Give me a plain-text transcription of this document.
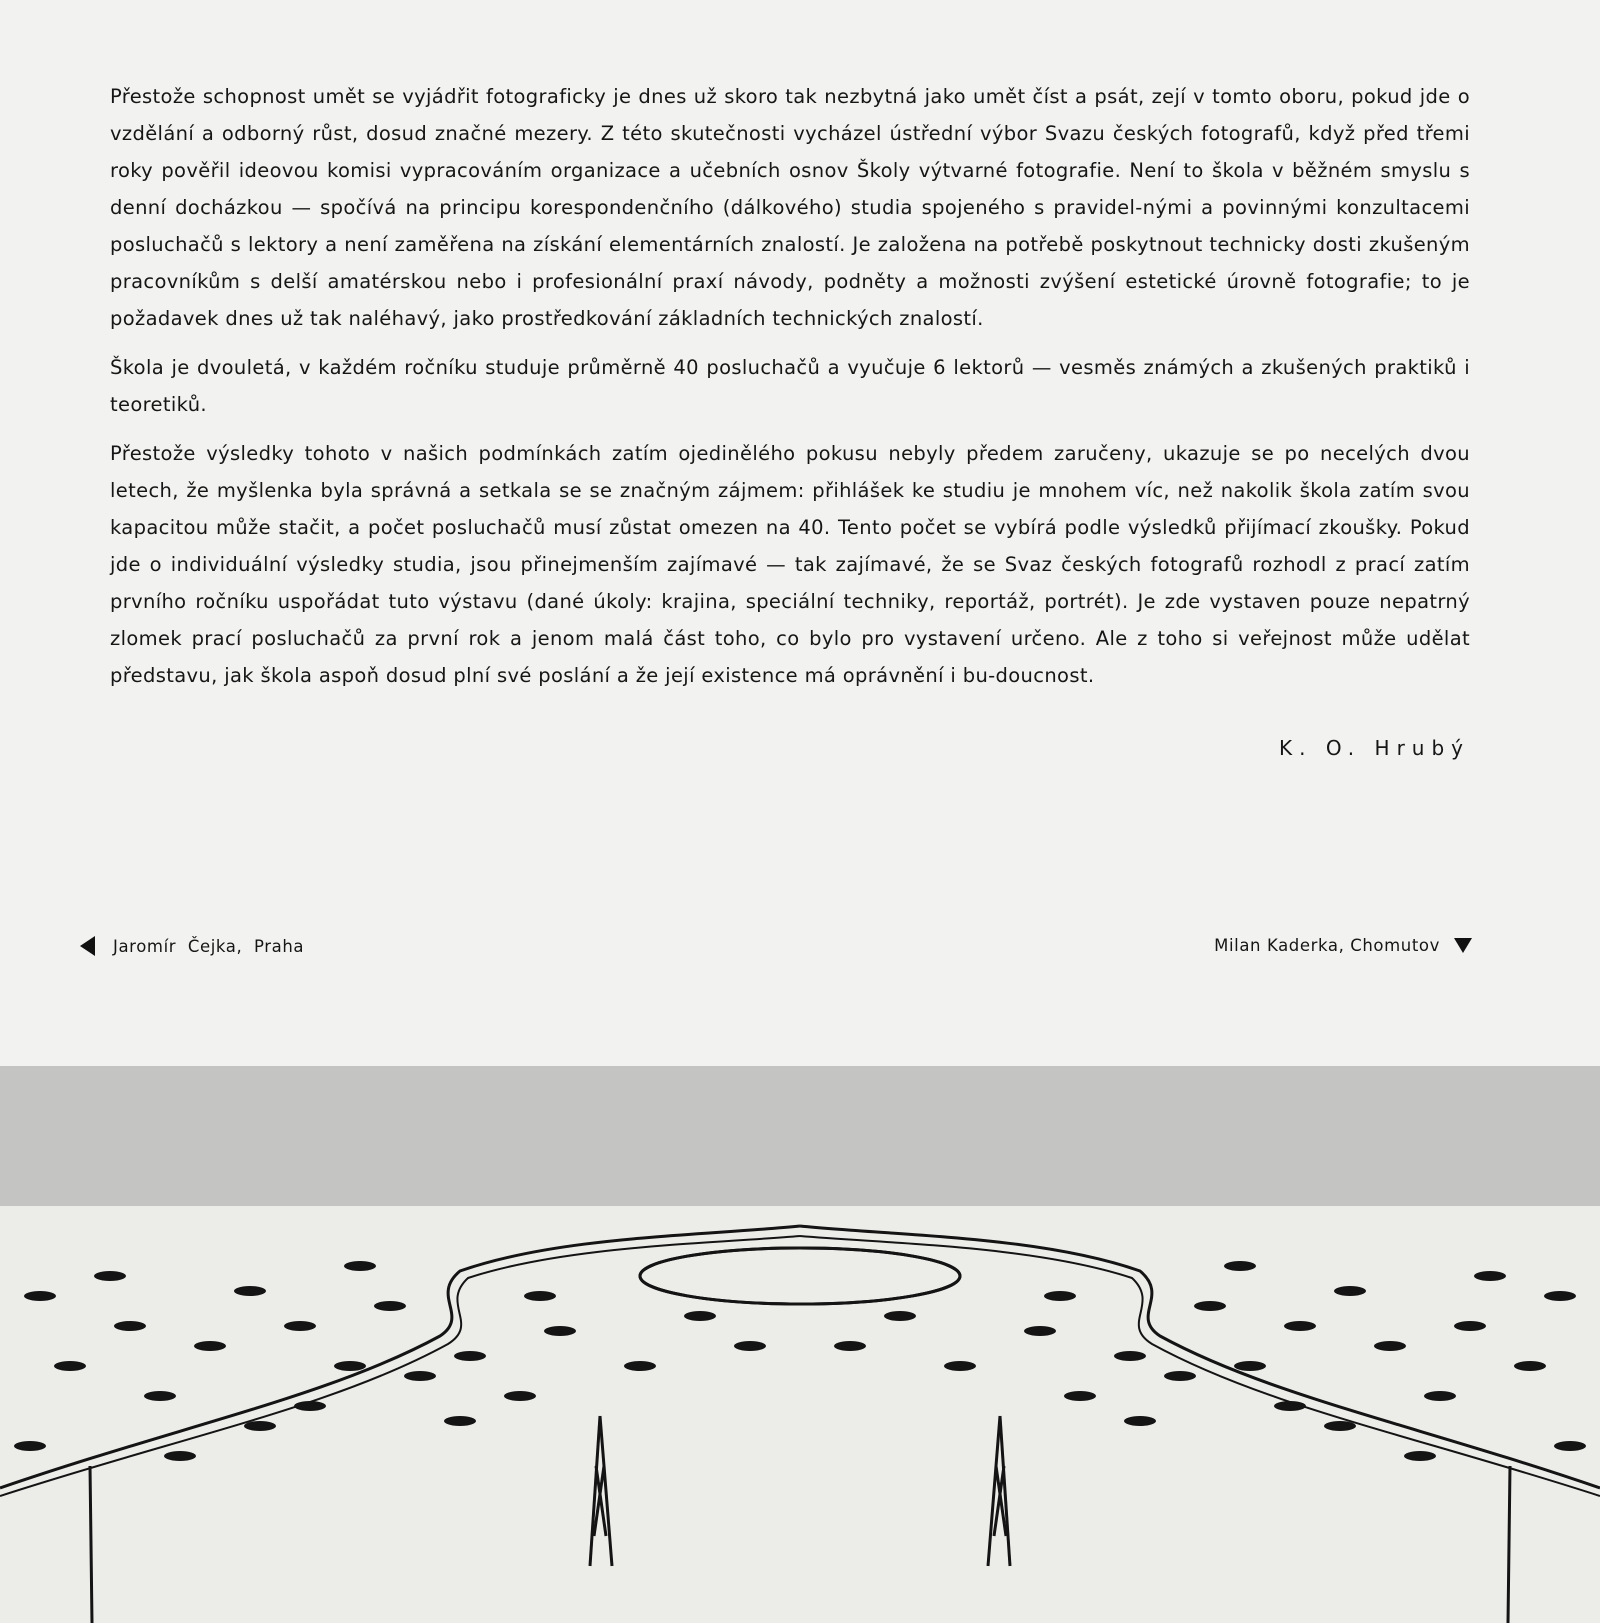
Přestože schopnost umět se vyjádřit fotograficky je dnes už skoro tak nezbytná jako umět číst a psát, zejí v tomto oboru, pokud jde o vzdělání a odborný růst, dosud značné mezery. Z této skutečnosti vycházel ústřední výbor Svazu českých fotografů, když před třemi roky pověřil ideovou komisi vypracováním organizace a učebních osnov Školy výtvarné fotografie. Není to škola v běžném smyslu s denní docházkou — spočívá na principu korespondenčního (dálkového) studia spojeného s pravidel-nými a povinnými konzultacemi posluchačů s lektory a není zaměřena na získání elementárních znalostí. Je založena na potřebě poskytnout technicky dosti zkušeným pracovníkům s delší amatérskou nebo i profesionální praxí návody, podněty a možnosti zvýšení estetické úrovně fotografie; to je požadavek dnes už tak naléhavý, jako prostředkování základních technických znalostí.

Škola je dvouletá, v každém ročníku studuje průměrně 40 posluchačů a vyučuje 6 lektorů — vesměs známých a zkušených praktiků i teoretiků.

Přestože výsledky tohoto v našich podmínkách zatím ojedinělého pokusu nebyly předem zaručeny, ukazuje se po necelých dvou letech, že myšlenka byla správná a setkala se se značným zájmem: přihlášek ke studiu je mnohem víc, než nakolik škola zatím svou kapacitou může stačit, a počet posluchačů musí zůstat omezen na 40. Tento počet se vybírá podle výsledků přijímací zkoušky. Pokud jde o individuální výsledky studia, jsou přinejmenším zajímavé — tak zajímavé, že se Svaz českých fotografů rozhodl z prací zatím prvního ročníku uspořádat tuto výstavu (dané úkoly: krajina, speciální techniky, reportáž, portrét). Je zde vystaven pouze nepatrný zlomek prací posluchačů za první rok a jenom malá část toho, co bylo pro vystavení určeno. Ale z toho si veřejnost může udělat představu, jak škola aspoň dosud plní své poslání a že její existence má oprávnění i bu-doucnost.

K. O. Hrubý
Jaromír  Čejka,  Praha	Milan Kaderka, Chomutov
